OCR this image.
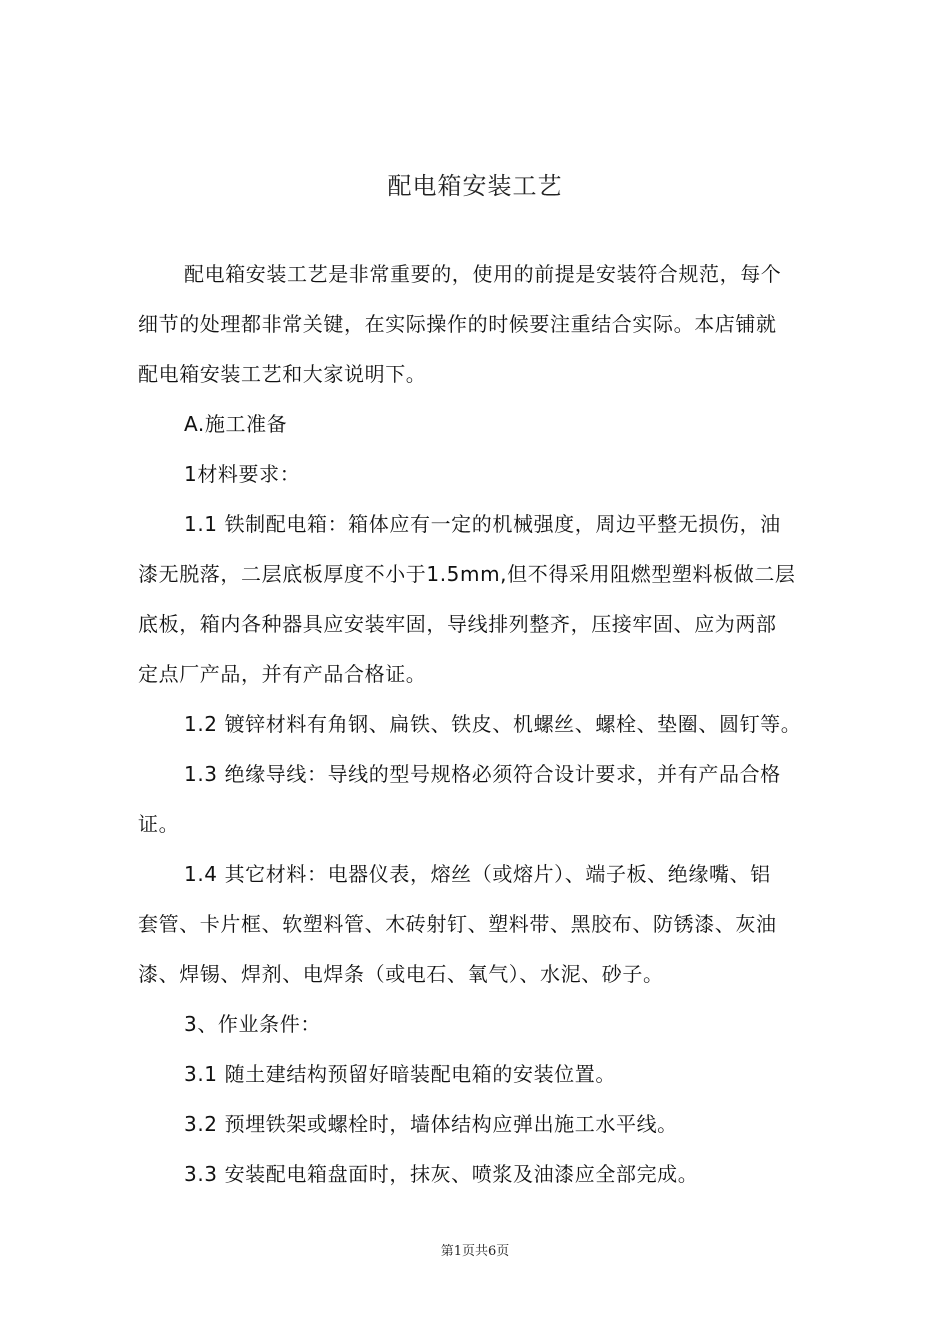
配电箱安装工艺
配电箱安装工艺是非常重要的，使用的前提是安装符合规范，每个
细节的处理都非常关键，在实际操作的时候要注重结合实际。本店铺就
配电箱安装工艺和大家说明下。
A.施工准备
1材料要求：
1.1 铁制配电箱：箱体应有一定的机械强度，周边平整无损伤，油
漆无脱落，二层底板厚度不小于1.5mm,但不得采用阻燃型塑料板做二层
底板，箱内各种器具应安装牢固，导线排列整齐，压接牢固、应为两部
定点厂产品，并有产品合格证。
1.2 镀锌材料有角钢、扁铁、铁皮、机螺丝、螺栓、垫圈、圆钉等。
1.3 绝缘导线：导线的型号规格必须符合设计要求，并有产品合格
证。
1.4 其它材料：电器仪表，熔丝（或熔片）、端子板、绝缘嘴、铝
套管、卡片框、软塑料管、木砖射钉、塑料带、黑胶布、防锈漆、灰油
漆、焊锡、焊剂、电焊条（或电石、氧气）、水泥、砂子。
3、作业条件：
3.1 随土建结构预留好暗装配电箱的安装位置。
3.2 预埋铁架或螺栓时，墙体结构应弹出施工水平线。
3.3 安装配电箱盘面时，抹灰、喷浆及油漆应全部完成。
第1页共6页
